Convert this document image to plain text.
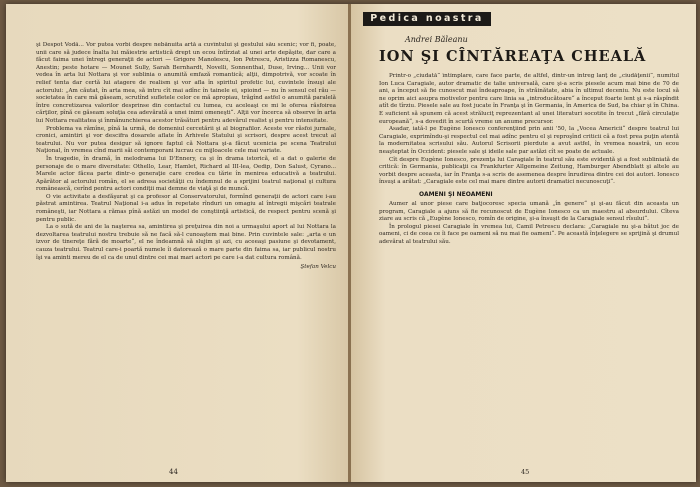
şi Despot Vodă... Vor putea vorbi despre nebănuita artă a cuvîntului şi gestului său scenic; vor fi, poate, unii care să judece înalta lui măiestrie artistică drept un ecou întîrziat al unei arte depăşite, dar care a făcut faima unei întregi generaţii de actori — Grigore Manolescu, Ion Petrescu, Aristizza Romanescu, Anestin; peste hotare — Mounet Sully, Sarah Bernhardt, Novelli, Sonnenthal, Duse, Irving... Unii vor vedea în arta lui Nottara şi vor sublinia o anumită emfază romantică; alţii, dimpotrivă, vor scoate în relief tenta dar certă lui atagere de realism şi vor afla în spiritul profetic lui, cuvintele însuşi ale actorului: „Am căutat, în arta mea, să intru cît mai adînc în tainele ei, spioind — nu în sensul cel rău — societatea în care mă găseam, scrutînd sufletele celor ce mă apropiau, trăgînd astfel o anumită paralelă între concretizarea valorilor desprinse din contactul cu lumea, cu aceleaşi ce mi le oferea răsfoirea cărţilor, pînă ce găseam soluţia cea adevărată a unei inimi omeneşti“. Alţii vor încerca să observe în arta lui Nottara realitatea şi înmănunchierea acestor trăsături pentru adevărul realist şi pentru intensitate.

Problema va rămîne, pînă la urmă, de domeniul cercetării şi al biografilor. Aceste vor răsfoi jurnale, cronici, amintiri şi vor descifra dosarele aflate în Arhivele Statului şi scrisori, despre acest trecut al teatrului. Nu vor putea desigur să ignore faptul că Nottara şi-a făcut ucenicia pe scena Teatrului Naţional, în vremea cînd marii săi contemporani lucrau cu mijloacele cele mai variate.

În tragedie, în dramă, în melodrama lui D'Ennery, ca şi în drama istorică, el a dat o galerie de personaje de o mare diversitate: Othello, Lear, Hamlet, Richard al III-lea, Oedip, Don Salust, Cyrano... Marele actor făcea parte dintr-o generaţie care credea cu tărie în menirea educativă a teatrului. Apărător al actorului român, el se adresa societăţii cu îndemnul de a sprijini teatrul naţional şi cultura românească, cerînd pentru actori condiţii mai demne de viaţă şi de muncă.

O vie activitate a desfăşurat şi ca profesor al Conservatorului, formînd generaţii de actori care i-au păstrat amintirea. Teatrul Naţional i-a adus în repetate rînduri un omagiu al întregii mişcări teatrale româneşti, iar Nottara a rămas pînă astăzi un model de conştiinţă artistică, de respect pentru scenă şi pentru public.

La o sută de ani de la naşterea sa, amintirea şi preţuirea din noi a urmaşului aport al lui Nottara la dezvoltarea teatrului nostru trebuie să ne facă să-l cunoaştem mai bine. Prin cuvintele sale: „arta e un izvor de tinereţe fără de moarte“, el ne îndeamnă să slujim şi azi, cu aceeaşi pasiune şi devotament, cauza teatrului. Teatrul care-i poartă numele îi datorează o mare parte din faima sa, iar publicul nostru îşi va aminti mereu de el ca de unul dintre cei mai mari actori pe care i-a dat cultura română.

Ştefan Velcu

44
Pedica noastra
Andrei Băleanu
ION ŞI CÎNTĂREAŢA CHEALĂ

Printr-o „ciudată“ întîmplare, care face parte, de altfel, dintr-un întreg lanţ de „ciudăţenii“, numitul Ion Luca Caragiale, autor dramatic de talie universală, care şi-a scris piesele acum mai bine de 70 de ani, a început să fie cunoscut mai îndeaproape, în străinătate, abia în ultimul deceniu. Nu este locul să ne oprim aici asupra motivelor pentru care linia sa „introducătoare“ a început foarte lent şi s-a răspîndit atît de tîrziu. Piesele sale au fost jucate în Franţa şi în Germania, în America de Sud, ba chiar şi în China. E suficient să spunem că acest străluciţ reprezentant al unei literaturi socotite în trecut „fără circulaţie europeană“, s-a dovedit în scurtă vreme un anume precursor.

Asadar, iată-l pe Eugène Ionesco conferenţiind prin anii '50, la „Vocea Americii“ despre teatrul lui Caragiale, exprimîndu-şi respectul cel mai adînc pentru el şi reproşînd criticii că a fost prea puţin atentă la modernitatea scrisului său. Autorul Scrisorii pierdute a avut astfel, în vremea noastră, un ecou neaşteptat în Occident: piesele sale şi ideile sale par astăzi cît se poate de actuale.

Cît despre Eugène Ionesco, prezenţa lui Caragiale în teatrul său este evidentă şi a fost subliniată de critică: în Germania, publicaţii ca Frankfurter Allgemeine Zeitung, Hamburger Abendblatt şi altele au vorbit despre aceasta, iar în Franţa s-a scris de asemenea despre înrudirea dintre cei doi autori. Ionesco însuşi a arătat: „Caragiale este cel mai mare dintre autorii dramatici necunoscuţi“.

OAMENI ŞI NEOAMENI

Aumer al unor piese care batjocoresc specia umană „în genere“ şi şi-au făcut din aceasta un program, Caragiale a ajuns să fie recunoscut de Eugène Ionesco ca un maestru al absurdului. Cîteva ziare au scris că „Eugène Ionesco, romîn de origine, şi-a însuşit de la Caragiale sensul rîsului“.

În prologul piesei Caragiale în vremea lui, Camil Petrescu declara: „Caragiale nu şi-a bătut joc de oameni, ci de ceea ce îi face pe oameni să nu mai fie oameni“. Pe această înţelegere se sprijină şi drumul adevărat al teatrului său.

45
